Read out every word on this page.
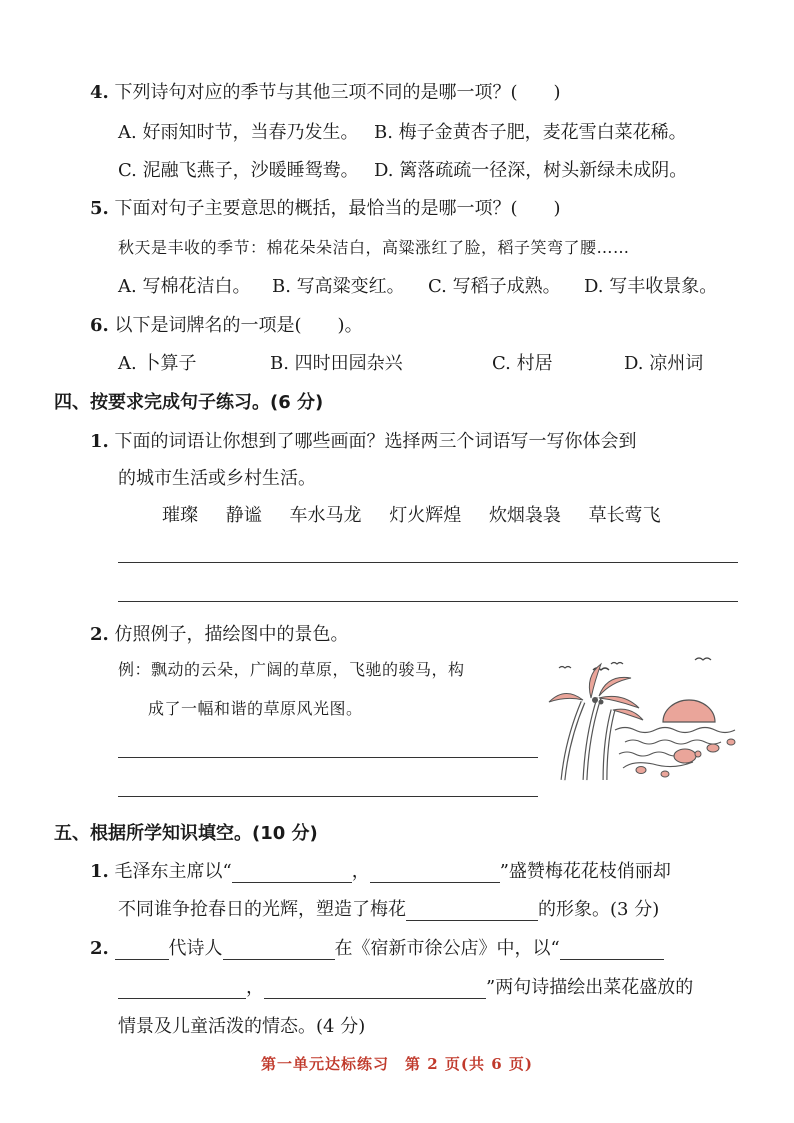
4. 下列诗句对应的季节与其他三项不同的是哪一项？(　　)
A. 好雨知时节，当春乃发生。 B. 梅子金黄杏子肥，麦花雪白菜花稀。
C. 泥融飞燕子，沙暖睡鸳鸯。 D. 篱落疏疏一径深，树头新绿未成阴。
5. 下面对句子主要意思的概括，最恰当的是哪一项？(　　)
秋天是丰收的季节：棉花朵朵洁白，高粱涨红了脸，稻子笑弯了腰……
A. 写棉花洁白。 B. 写高粱变红。 C. 写稻子成熟。 D. 写丰收景象。
6. 以下是词牌名的一项是(　　)。
A. 卜算子	B. 四时田园杂兴	C. 村居	D. 凉州词
四、按要求完成句子练习。(6 分)
1. 下面的词语让你想到了哪些画面？选择两三个词语写一写你体会到
的城市生活或乡村生活。
璀璨 静谧 车水马龙 灯火辉煌 炊烟袅袅 草长莺飞
2. 仿照例子，描绘图中的景色。
例：飘动的云朵，广阔的草原，飞驰的骏马，构
成了一幅和谐的草原风光图。
五、根据所学知识填空。(10 分)
1. 毛泽东主席以“	，	”盛赞梅花花枝俏丽却
不同谁争抢春日的光辉，塑造了梅花	的形象。(3 分)
2.	代诗人	在《宿新市徐公店》中，以“
，	”两句诗描绘出菜花盛放的
情景及儿童活泼的情态。(4 分)
第一单元达标练习　第 2 页(共 6 页)
